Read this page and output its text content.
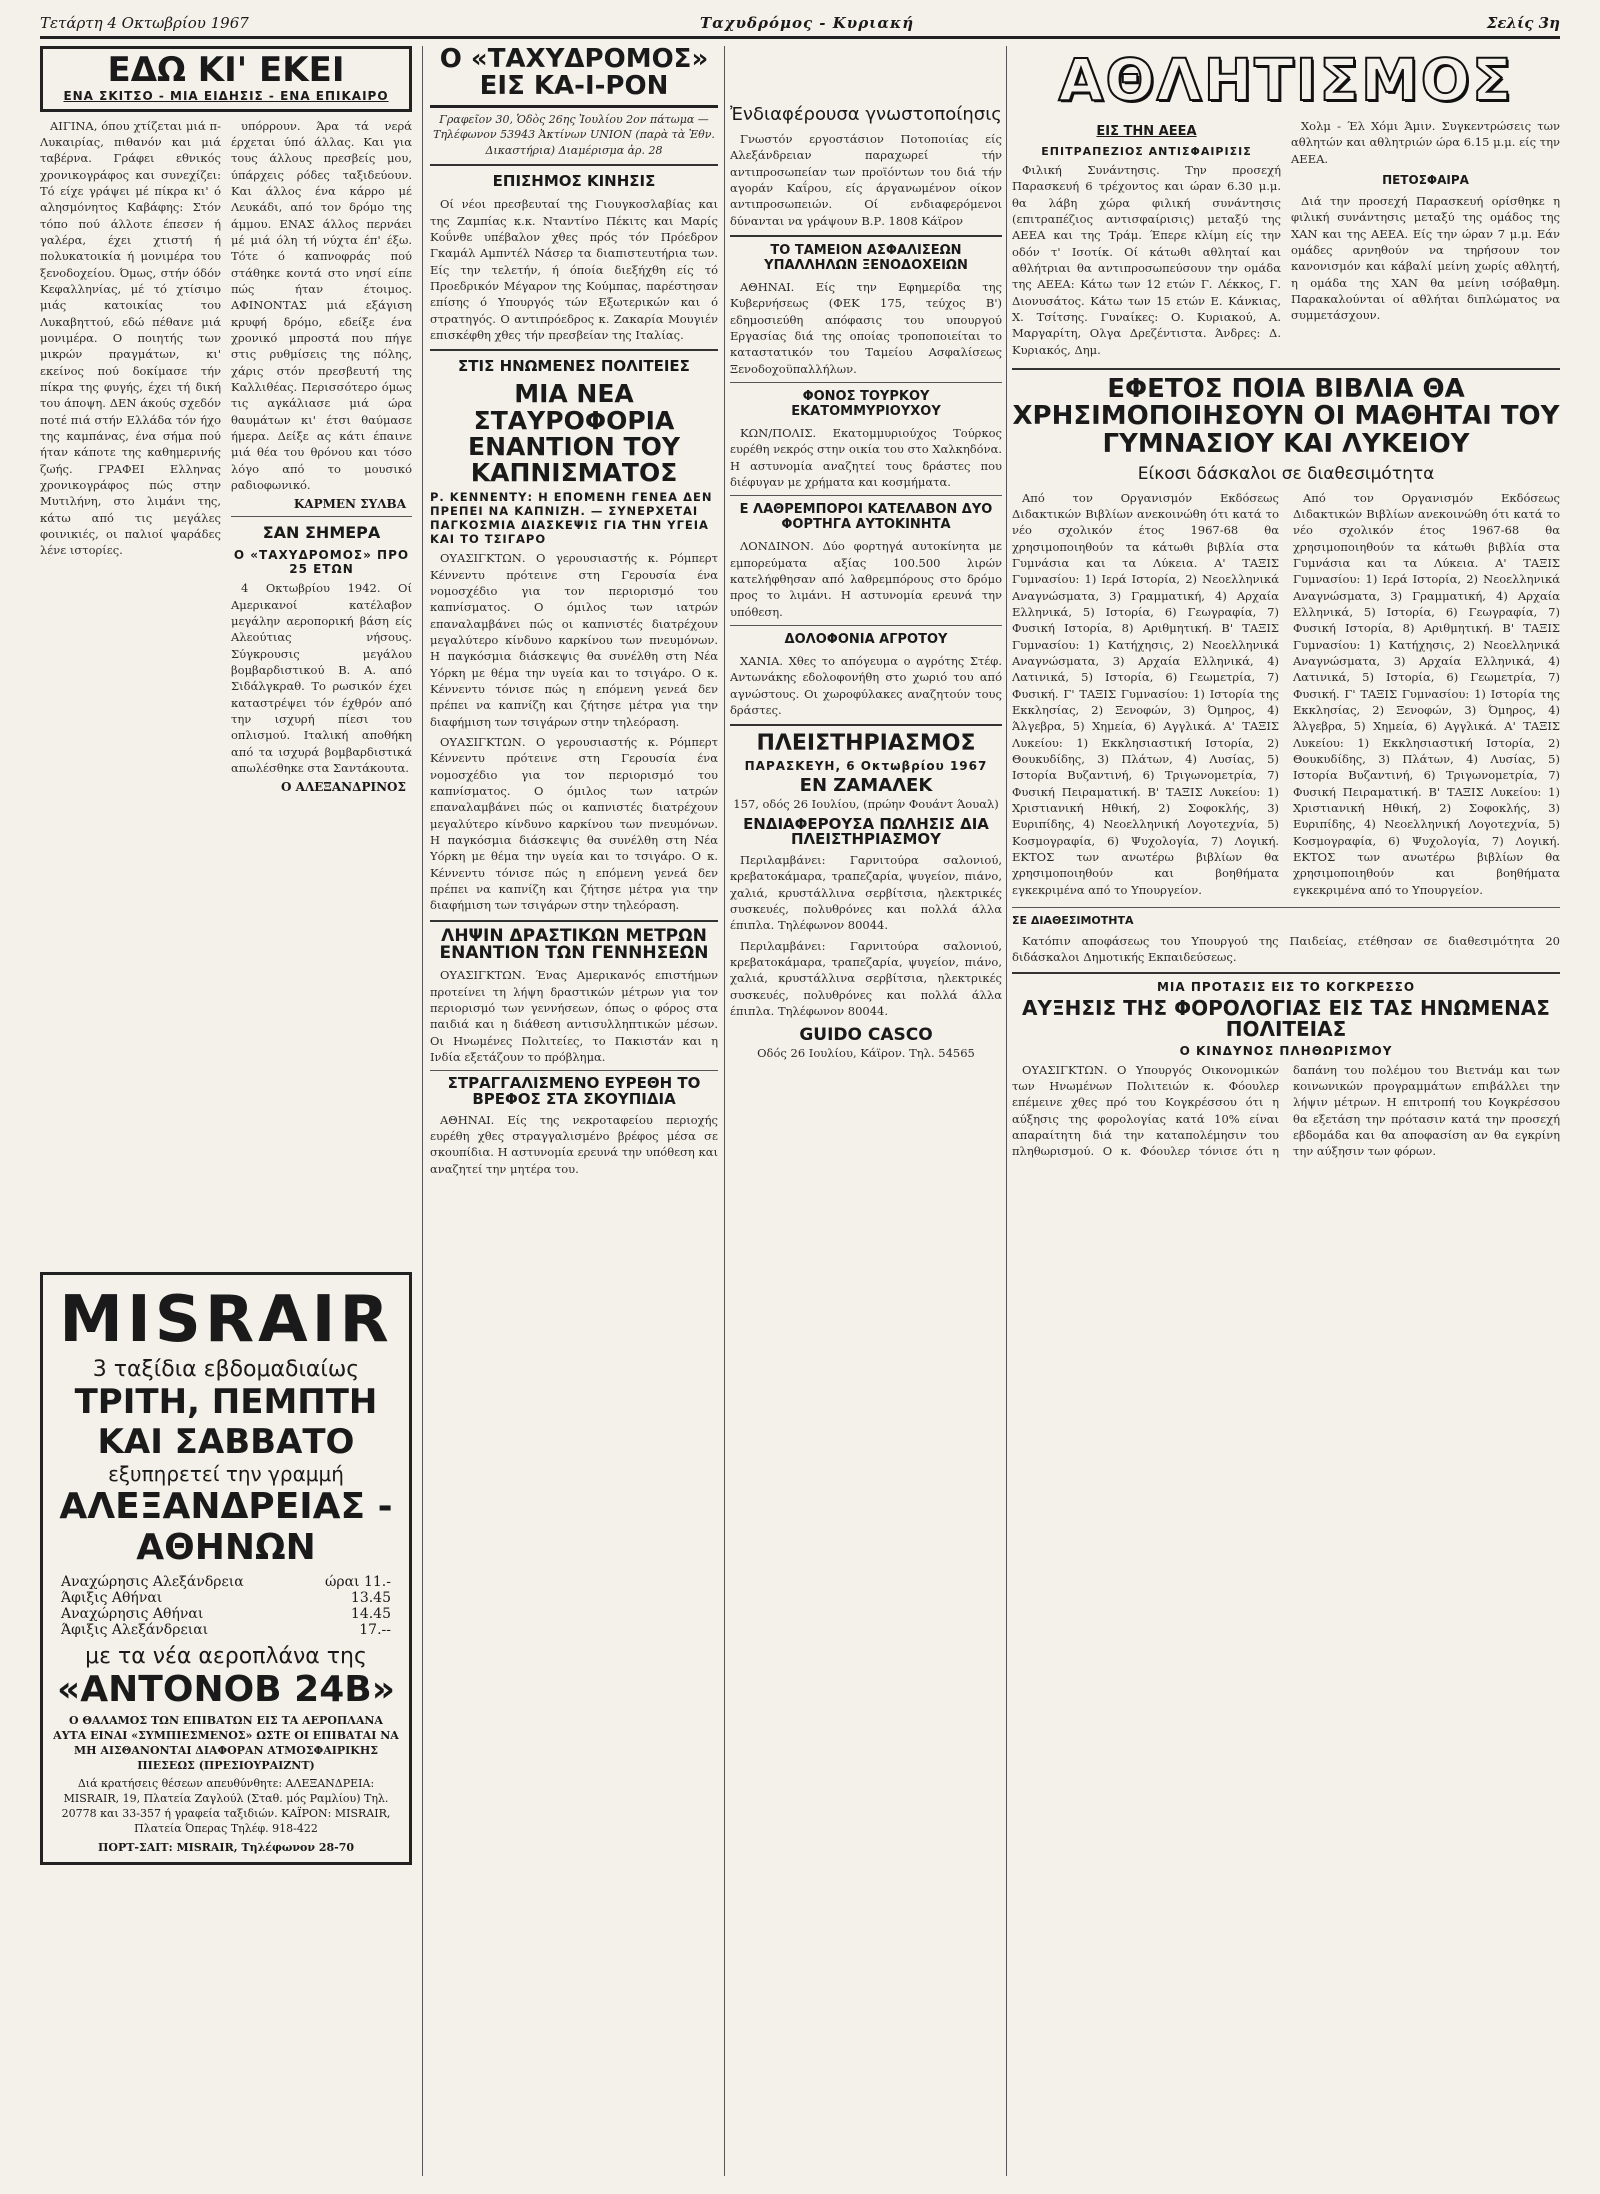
Τετάρτη 4 Οκτωβρίου 1967	Ταχυδρόμος - Κυριακή	Σελίς 3η
ΕΔΩ ΚΙ' ΕΚΕΙ
ΕΝΑ ΣΚΙΤΣΟ - ΜΙΑ ΕΙΔΗΣΙΣ - ΕΝΑ ΕΠΙΚΑΙΡΟ

ΑΙΓΙΝΑ, όπου χτίζεται μιά π-Λυκαιρίας, πιθανόν και μιά ταβέρνα. Γράφει εθνικός χρονικογράφος και συνεχίζει: Τό είχε γράψει μέ πίκρα κι' ό αλησμόνητος Καβάφης: Στόν τόπο πού άλλοτε έπεσεν ή γαλέρα, έχει χτιστή ή πολυκατοικία ή μονιμέρα του ξενοδοχείου. Όμως, στήν όδόν Κεφαλληνίας, μέ τό χτίσιμο μιάς κατοικίας του Λυκαβηττού, εδώ πέθανε μιά μονιμέρα. Ο ποιητής των μικρών πραγμάτων, κι' εκείνος πού δοκίμασε τήν πίκρα της φυγής, έχει τή δική του άποψη. ΔΕΝ άκούς σχεδόν ποτέ πιά στήν Ελλάδα τόν ήχο της καμπάνας, ένα σήμα πού ήταν κάποτε της καθημερινής ζωής. ΓΡΑΦΕΙ Ελληνας χρονικογράφος πώς στην Μυτιλήνη, στο λιμάνι της, κάτω από τις μεγάλες φοινικιές, οι παλιοί ψαράδες λένε ιστορίες.

υπόρρουν. Άρα τά νερά έρχεται ύπό άλλας. Και για τους άλλους πρεσβείς μου, ύπάρχεις ρόδες ταξιδεύουν. Και άλλος ένα κάρρο μέ Λευκάδι, από τον δρόμο της άμμου. ΕΝΑΣ άλλος περνάει μέ μιά όλη τή νύχτα έπ' έξω. Τότε ό καπνοφράς πού στάθηκε κοντά στο νησί είπε πώς ήταν έτοιμος. ΑΦΙΝΟΝΤΑΣ μιά εξάγιση κρυφή δρόμο, εδείξε ένα χρονικό μπροστά που πήγε στις ρυθμίσεις της πόλης, χάρις στόν πρεσβευτή της Καλλιθέας. Περισσότερο όμως τις αγκάλιασε μιά ώρα θαυμάτων κι' έτσι θαύμασε ήμερα. Δείξε ας κάτι έπαινε μιά θέα του θρόνου και τόσο λόγο από το μουσικό ραδιοφωνικό.

ΚΑΡΜΕΝ ΣΥΛΒΑ
ΣΑΝ ΣΗΜΕΡΑ
Ο «ΤΑΧΥΔΡΟΜΟΣ» ΠΡΟ 25 ΕΤΩΝ

4 Οκτωβρίου 1942. Οί Αμερικανοί κατέλαβον μεγάλην αεροπορική βάση είς Αλεούτιας νήσους. Σύγκρουσις μεγάλου βομβαρδιστικού Β. Α. από Σιδάλγκραθ. Το ρωσικόν έχει καταστρέψει τόν έχθρόν από την ισχυρή πίεσι του οπλισμού. Ιταλική αποθήκη από τα ισχυρά βομβαρδιστικά απωλέσθηκε στα Σαντάκουτα.

Ο ΑΛΕΞΑΝΔΡΙΝΟΣ
MISRAIR
3 ταξίδια εβδομαδιαίως
ΤΡΙΤΗ, ΠΕΜΠΤΗ ΚΑΙ ΣΑΒΒΑΤΟ
εξυπηρετεί την γραμμή
ΑΛΕΞΑΝΔΡΕΙΑΣ - ΑΘΗΝΩΝ
Αναχώρησις Αλεξάνδρεια	ώραι 11.-
Άφιξις Αθήναι	13.45
Αναχώρησις Αθήναι	14.45
Άφιξις Αλεξάνδρειαι	17.--
με τα νέα αεροπλάνα της
«ΑΝΤΟΝΟΒ 24Β»
Ο ΘΑΛΑΜΟΣ ΤΩΝ ΕΠΙΒΑΤΩΝ ΕΙΣ ΤΑ ΑΕΡΟΠΛΑΝΑ ΑΥΤΑ ΕΙΝΑΙ «ΣΥΜΠΙΕΣΜΕΝΟΣ» ΩΣΤΕ ΟΙ ΕΠΙΒΑΤΑΙ ΝΑ ΜΗ ΑΙΣΘΑΝΟΝΤΑΙ ΔΙΑΦΟΡΑΝ ΑΤΜΟΣΦΑΙΡΙΚΗΣ ΠΙΕΣΕΩΣ (ΠΡΕΣΙΟΥΡΑΙΖΝΤ)
Διά κρατήσεις θέσεων απευθύνθητε: ΑΛΕΞΑΝΔΡΕΙΑ: MISRAIR, 19, Πλατεία Ζαγλούλ (Σταθ. μός Ραμλίου) Τηλ. 20778 και 33-357 ή γραφεία ταξιδιών. ΚΑΪΡΟΝ: MISRAIR, Πλατεία Όπερας Τηλέφ. 918-422
ΠΟΡΤ-ΣΑΙΤ: MISRAIR, Τηλέφωνον 28-70
Ο «ΤΑΧΥΔΡΟΜΟΣ» ΕΙΣ ΚΑ-Ι-ΡΟΝ
Γραφεῖον 30, Ὁδὸς 26ης Ἰουλίου 2ον πάτωμα — Τηλέφωνον 53943 Ἀκτίνων UNION (παρὰ τὰ Ἐθν. Δικαστήρια) Διαμέρισμα ἀρ. 28
ΕΠΙΣΗΜΟΣ ΚΙΝΗΣΙΣ

Οί νέοι πρεσβευταί της Γιουγκοσλαβίας και της Ζαμπίας κ.κ. Νταντίνο Πέκιτς και Μαρίς Κοΰνθε υπέβαλον χθες πρός τόν Πρόεδρον Γκαμάλ Αμπντέλ Νάσερ τα διαπιστευτήρια των. Είς την τελετήν, ή όποία διεξήχθη είς τό Προεδρικόν Μέγαρον της Κούμπας, παρέστησαν επίσης ό Υπουργός τών Εξωτερικών και ό στρατηγός. Ο αντιπρόεδρος κ. Ζακαρία Μουγιέν επισκέφθη χθες τήν πρεσβείαν της Ιταλίας.

ΣΤΙΣ ΗΝΩΜΕΝΕΣ ΠΟΛΙΤΕΙΕΣ
ΜΙΑ ΝΕΑ ΣΤΑΥΡΟΦΟΡΙΑ ΕΝΑΝΤΙΟΝ ΤΟΥ ΚΑΠΝΙΣΜΑΤΟΣ
Ρ. ΚΕΝΝΕΝΤΥ: Η ΕΠΟΜΕΝΗ ΓΕΝΕΑ ΔΕΝ ΠΡΕΠΕΙ ΝΑ ΚΑΠΝΙΖΗ. — ΣΥΝΕΡΧΕΤΑΙ ΠΑΓΚΟΣΜΙΑ ΔΙΑΣΚΕΨΙΣ ΓΙΑ ΤΗΝ ΥΓΕΙΑ ΚΑΙ ΤΟ ΤΣΙΓΑΡΟ

ΟΥΑΣΙΓΚΤΩΝ. Ο γερουσιαστής κ. Ρόμπερτ Κέννεντυ πρότεινε στη Γερουσία ένα νομοσχέδιο για τον περιορισμό του καπνίσματος. Ο όμιλος των ιατρών επαναλαμβάνει πώς οι καπνιστές διατρέχουν μεγαλύτερο κίνδυνο καρκίνου των πνευμόνων. Η παγκόσμια διάσκεψις θα συνέλθη στη Νέα Υόρκη με θέμα την υγεία και το τσιγάρο. Ο κ. Κέννεντυ τόνισε πώς η επόμενη γενεά δεν πρέπει να καπνίζη και ζήτησε μέτρα για την διαφήμιση των τσιγάρων στην τηλεόραση.

ΟΥΑΣΙΓΚΤΩΝ. Ο γερουσιαστής κ. Ρόμπερτ Κέννεντυ πρότεινε στη Γερουσία ένα νομοσχέδιο για τον περιορισμό του καπνίσματος. Ο όμιλος των ιατρών επαναλαμβάνει πώς οι καπνιστές διατρέχουν μεγαλύτερο κίνδυνο καρκίνου των πνευμόνων. Η παγκόσμια διάσκεψις θα συνέλθη στη Νέα Υόρκη με θέμα την υγεία και το τσιγάρο. Ο κ. Κέννεντυ τόνισε πώς η επόμενη γενεά δεν πρέπει να καπνίζη και ζήτησε μέτρα για την διαφήμιση των τσιγάρων στην τηλεόραση.

ΛΗΨΙΝ ΔΡΑΣΤΙΚΩΝ ΜΕΤΡΩΝ ΕΝΑΝΤΙΟΝ ΤΩΝ ΓΕΝΝΗΣΕΩΝ

ΟΥΑΣΙΓΚΤΩΝ. Ένας Αμερικανός επιστήμων προτείνει τη λήψη δραστικών μέτρων για τον περιορισμό των γεννήσεων, όπως ο φόρος στα παιδιά και η διάθεση αντισυλληπτικών μέσων. Οι Ηνωμένες Πολιτείες, το Πακιστάν και η Ινδία εξετάζουν το πρόβλημα.

ΣΤΡΑΓΓΑΛΙΣΜΕΝΟ ΕΥΡΕΘΗ ΤΟ ΒΡΕΦΟΣ ΣΤΑ ΣΚΟΥΠΙΔΙΑ

ΑΘΗΝΑΙ. Είς της νεκροταφείου περιοχής ευρέθη χθες στραγγαλισμένο βρέφος μέσα σε σκουπίδια. Η αστυνομία ερευνά την υπόθεση και αναζητεί την μητέρα του.

Ἐνδιαφέρουσα γνωστοποίησις

Γνωστόν εργοστάσιον Ποτοποιίας είς Αλεξάνδρειαν παραχωρεί τήν αντιπροσωπείαν των προϊόντων του διά τήν αγοράν Καΐρου, είς άργανωμένον οίκον αντιπροσωπειών. Οί ενδιαφερόμενοι δύνανται να γράψουν Β.Ρ. 1808 Κάϊρον

ΤΟ ΤΑΜΕΙΟΝ ΑΣΦΑΛΙΣΕΩΝ ΥΠΑΛΛΗΛΩΝ ΞΕΝΟΔΟΧΕΙΩΝ

ΑΘΗΝΑΙ. Είς την Εφημερίδα της Κυβερνήσεως (ΦΕΚ 175, τεύχος Β') εδημοσιεύθη απόφασις του υπουργού Εργασίας διά της οποίας τροποποιείται το καταστατικόν του Ταμείου Ασφαλίσεως Ξενοδοχοϋπαλλήλων.

ΦΟΝΟΣ ΤΟΥΡΚΟΥ ΕΚΑΤΟΜΜΥΡΙΟΥΧΟΥ

ΚΩΝ/ΠΟΛΙΣ. Εκατομμυριούχος Τούρκος ευρέθη νεκρός στην οικία του στο Χαλκηδόνα. Η αστυνομία αναζητεί τους δράστες που διέφυγαν με χρήματα και κοσμήματα.

Ε ΛΑΘΡΕΜΠΟΡΟΙ ΚΑΤΕΛΑΒΟΝ ΔΥΟ ΦΟΡΤΗΓΑ ΑΥΤΟΚΙΝΗΤΑ

ΛΟΝΔΙΝΟΝ. Δύο φορτηγά αυτοκίνητα με εμπορεύματα αξίας 100.500 λιρών κατελήφθησαν από λαθρεμπόρους στο δρόμο προς το λιμάνι. Η αστυνομία ερευνά την υπόθεση.

ΔΟΛΟΦΟΝΙΑ ΑΓΡΟΤΟΥ

ΧΑΝΙΑ. Χθες το απόγευμα ο αγρότης Στέφ. Αντωνάκης εδολοφονήθη στο χωριό του από αγνώστους. Οι χωροφύλακες αναζητούν τους δράστες.

ΠΛΕΙΣΤΗΡΙΑΣΜΟΣ
ΠΑΡΑΣΚΕΥΗ, 6 Οκτωβρίου 1967
ΕΝ ΖΑΜΑΛΕΚ
157, οδός 26 Ιουλίου, (πρώην Φουάντ Άουαλ)
ΕΝΔΙΑΦΕΡΟΥΣΑ ΠΩΛΗΣΙΣ ΔΙΑ ΠΛΕΙΣΤΗΡΙΑΣΜΟΥ

Περιλαμβάνει: Γαρνιτούρα σαλονιού, κρεβατοκάμαρα, τραπεζαρία, ψυγείον, πιάνο, χαλιά, κρυστάλλινα σερβίτσια, ηλεκτρικές συσκευές, πολυθρόνες και πολλά άλλα έπιπλα. Τηλέφωνον 80044.

Περιλαμβάνει: Γαρνιτούρα σαλονιού, κρεβατοκάμαρα, τραπεζαρία, ψυγείον, πιάνο, χαλιά, κρυστάλλινα σερβίτσια, ηλεκτρικές συσκευές, πολυθρόνες και πολλά άλλα έπιπλα. Τηλέφωνον 80044.

GUIDO CASCO
Οδός 26 Ιουλίου, Κάϊρον. Τηλ. 54565
ΑΘΛΗΤΙΣΜΟΣ
ΕΙΣ ΤΗΝ ΑΕΕΑ
ΕΠΙΤΡΑΠΕΖΙΟΣ ΑΝΤΙΣΦΑΙΡΙΣΙΣ

Φιλική Συνάντησις. Την προσεχή Παρασκευή 6 τρέχοντος και ώραν 6.30 μ.μ. θα λάβη χώρα φιλική συνάντησις (επιτραπέζιος αντισφαίρισις) μεταξύ της ΑΕΕΑ και της Τράμ. Έπερε κλίμη είς την οδόν τ' Ισοτίκ. Οί κάτωθι αθληταί και αθλήτριαι θα αντιπροσωπεύσουν την ομάδα της ΑΕΕΑ: Κάτω των 12 ετών Γ. Λέκκος, Γ. Διονυσάτος. Κάτω των 15 ετών Ε. Κάνκιας, Χ. Τσίτσης. Γυναίκες: Ο. Κυριακού, Α. Μαργαρίτη, Ολγα Δρεζέντιστα. Άνδρες: Δ. Κυριακός, Δημ.

Χολμ - Έλ Χόμι Άμιν. Συγκεντρώσεις των αθλητών και αθλητριών ώρα 6.15 μ.μ. είς την ΑΕΕΑ.

ΠΕΤΟΣΦΑΙΡΑ

Διά την προσεχή Παρασκευή ορίσθηκε η φιλική συνάντησις μεταξύ της ομάδος της ΧΑΝ και της ΑΕΕΑ. Είς την ώραν 7 μ.μ. Εάν ομάδες αρνηθούν να τηρήσουν τον κανονισμόν και κάβαλί μείνη χωρίς αθλητή, η ομάδα της ΧΑΝ θα μείνη ισόβαθμη. Παρακαλούνται οί αθλήται διπλώματος να συμμετάσχουν.

ΕΦΕΤΟΣ ΠΟΙΑ ΒΙΒΛΙΑ ΘΑ ΧΡΗΣΙΜΟΠΟΙΗΣΟΥΝ ΟΙ ΜΑΘΗΤΑΙ ΤΟΥ ΓΥΜΝΑΣΙΟΥ ΚΑΙ ΛΥΚΕΙΟΥ
Είκοσι δάσκαλοι σε διαθεσιμότητα

Από τον Οργανισμόν Εκδόσεως Διδακτικών Βιβλίων ανεκοινώθη ότι κατά το νέο σχολικόν έτος 1967-68 θα χρησιμοποιηθούν τα κάτωθι βιβλία στα Γυμνάσια και τα Λύκεια. Α' ΤΑΞΙΣ Γυμνασίου: 1) Ιερά Ιστορία, 2) Νεοελληνικά Αναγνώσματα, 3) Γραμματική, 4) Αρχαία Ελληνικά, 5) Ιστορία, 6) Γεωγραφία, 7) Φυσική Ιστορία, 8) Αριθμητική. Β' ΤΑΞΙΣ Γυμνασίου: 1) Κατήχησις, 2) Νεοελληνικά Αναγνώσματα, 3) Αρχαία Ελληνικά, 4) Λατινικά, 5) Ιστορία, 6) Γεωμετρία, 7) Φυσική. Γ' ΤΑΞΙΣ Γυμνασίου: 1) Ιστορία της Εκκλησίας, 2) Ξενοφών, 3) Όμηρος, 4) Άλγεβρα, 5) Χημεία, 6) Αγγλικά. Α' ΤΑΞΙΣ Λυκείου: 1) Εκκλησιαστική Ιστορία, 2) Θουκυδίδης, 3) Πλάτων, 4) Λυσίας, 5) Ιστορία Βυζαντινή, 6) Τριγωνομετρία, 7) Φυσική Πειραματική. Β' ΤΑΞΙΣ Λυκείου: 1) Χριστιανική Ηθική, 2) Σοφοκλής, 3) Ευριπίδης, 4) Νεοελληνική Λογοτεχνία, 5) Κοσμογραφία, 6) Ψυχολογία, 7) Λογική. ΕΚΤΟΣ των ανωτέρω βιβλίων θα χρησιμοποιηθούν και βοηθήματα εγκεκριμένα από το Υπουργείον.

Από τον Οργανισμόν Εκδόσεως Διδακτικών Βιβλίων ανεκοινώθη ότι κατά το νέο σχολικόν έτος 1967-68 θα χρησιμοποιηθούν τα κάτωθι βιβλία στα Γυμνάσια και τα Λύκεια. Α' ΤΑΞΙΣ Γυμνασίου: 1) Ιερά Ιστορία, 2) Νεοελληνικά Αναγνώσματα, 3) Γραμματική, 4) Αρχαία Ελληνικά, 5) Ιστορία, 6) Γεωγραφία, 7) Φυσική Ιστορία, 8) Αριθμητική. Β' ΤΑΞΙΣ Γυμνασίου: 1) Κατήχησις, 2) Νεοελληνικά Αναγνώσματα, 3) Αρχαία Ελληνικά, 4) Λατινικά, 5) Ιστορία, 6) Γεωμετρία, 7) Φυσική. Γ' ΤΑΞΙΣ Γυμνασίου: 1) Ιστορία της Εκκλησίας, 2) Ξενοφών, 3) Όμηρος, 4) Άλγεβρα, 5) Χημεία, 6) Αγγλικά. Α' ΤΑΞΙΣ Λυκείου: 1) Εκκλησιαστική Ιστορία, 2) Θουκυδίδης, 3) Πλάτων, 4) Λυσίας, 5) Ιστορία Βυζαντινή, 6) Τριγωνομετρία, 7) Φυσική Πειραματική. Β' ΤΑΞΙΣ Λυκείου: 1) Χριστιανική Ηθική, 2) Σοφοκλής, 3) Ευριπίδης, 4) Νεοελληνική Λογοτεχνία, 5) Κοσμογραφία, 6) Ψυχολογία, 7) Λογική. ΕΚΤΟΣ των ανωτέρω βιβλίων θα χρησιμοποιηθούν και βοηθήματα εγκεκριμένα από το Υπουργείον.

ΣΕ ΔΙΑΘΕΣΙΜΟΤΗΤΑ

Κατόπιν αποφάσεως του Υπουργού της Παιδείας, ετέθησαν σε διαθεσιμότητα 20 διδάσκαλοι Δημοτικής Εκπαιδεύσεως.

ΜΙΑ ΠΡΟΤΑΣΙΣ ΕΙΣ ΤΟ ΚΟΓΚΡΕΣΣΟ
ΑΥΞΗΣΙΣ ΤΗΣ ΦΟΡΟΛΟΓΙΑΣ ΕΙΣ ΤΑΣ ΗΝΩΜΕΝΑΣ ΠΟΛΙΤΕΙΑΣ
Ο ΚΙΝΔΥΝΟΣ ΠΛΗΘΩΡΙΣΜΟΥ

ΟΥΑΣΙΓΚΤΩΝ. Ο Υπουργός Οικονομικών των Ηνωμένων Πολιτειών κ. Φόουλερ επέμεινε χθες πρό του Κογκρέσσου ότι η αύξησις της φορολογίας κατά 10% είναι απαραίτητη διά την καταπολέμησιν του πληθωρισμού. Ο κ. Φόουλερ τόνισε ότι η δαπάνη του πολέμου του Βιετνάμ και των κοινωνικών προγραμμάτων επιβάλλει την λήψιν μέτρων. Η επιτροπή του Κογκρέσσου θα εξετάση την πρότασιν κατά την προσεχή εβδομάδα και θα αποφασίση αν θα εγκρίνη την αύξησιν των φόρων.
